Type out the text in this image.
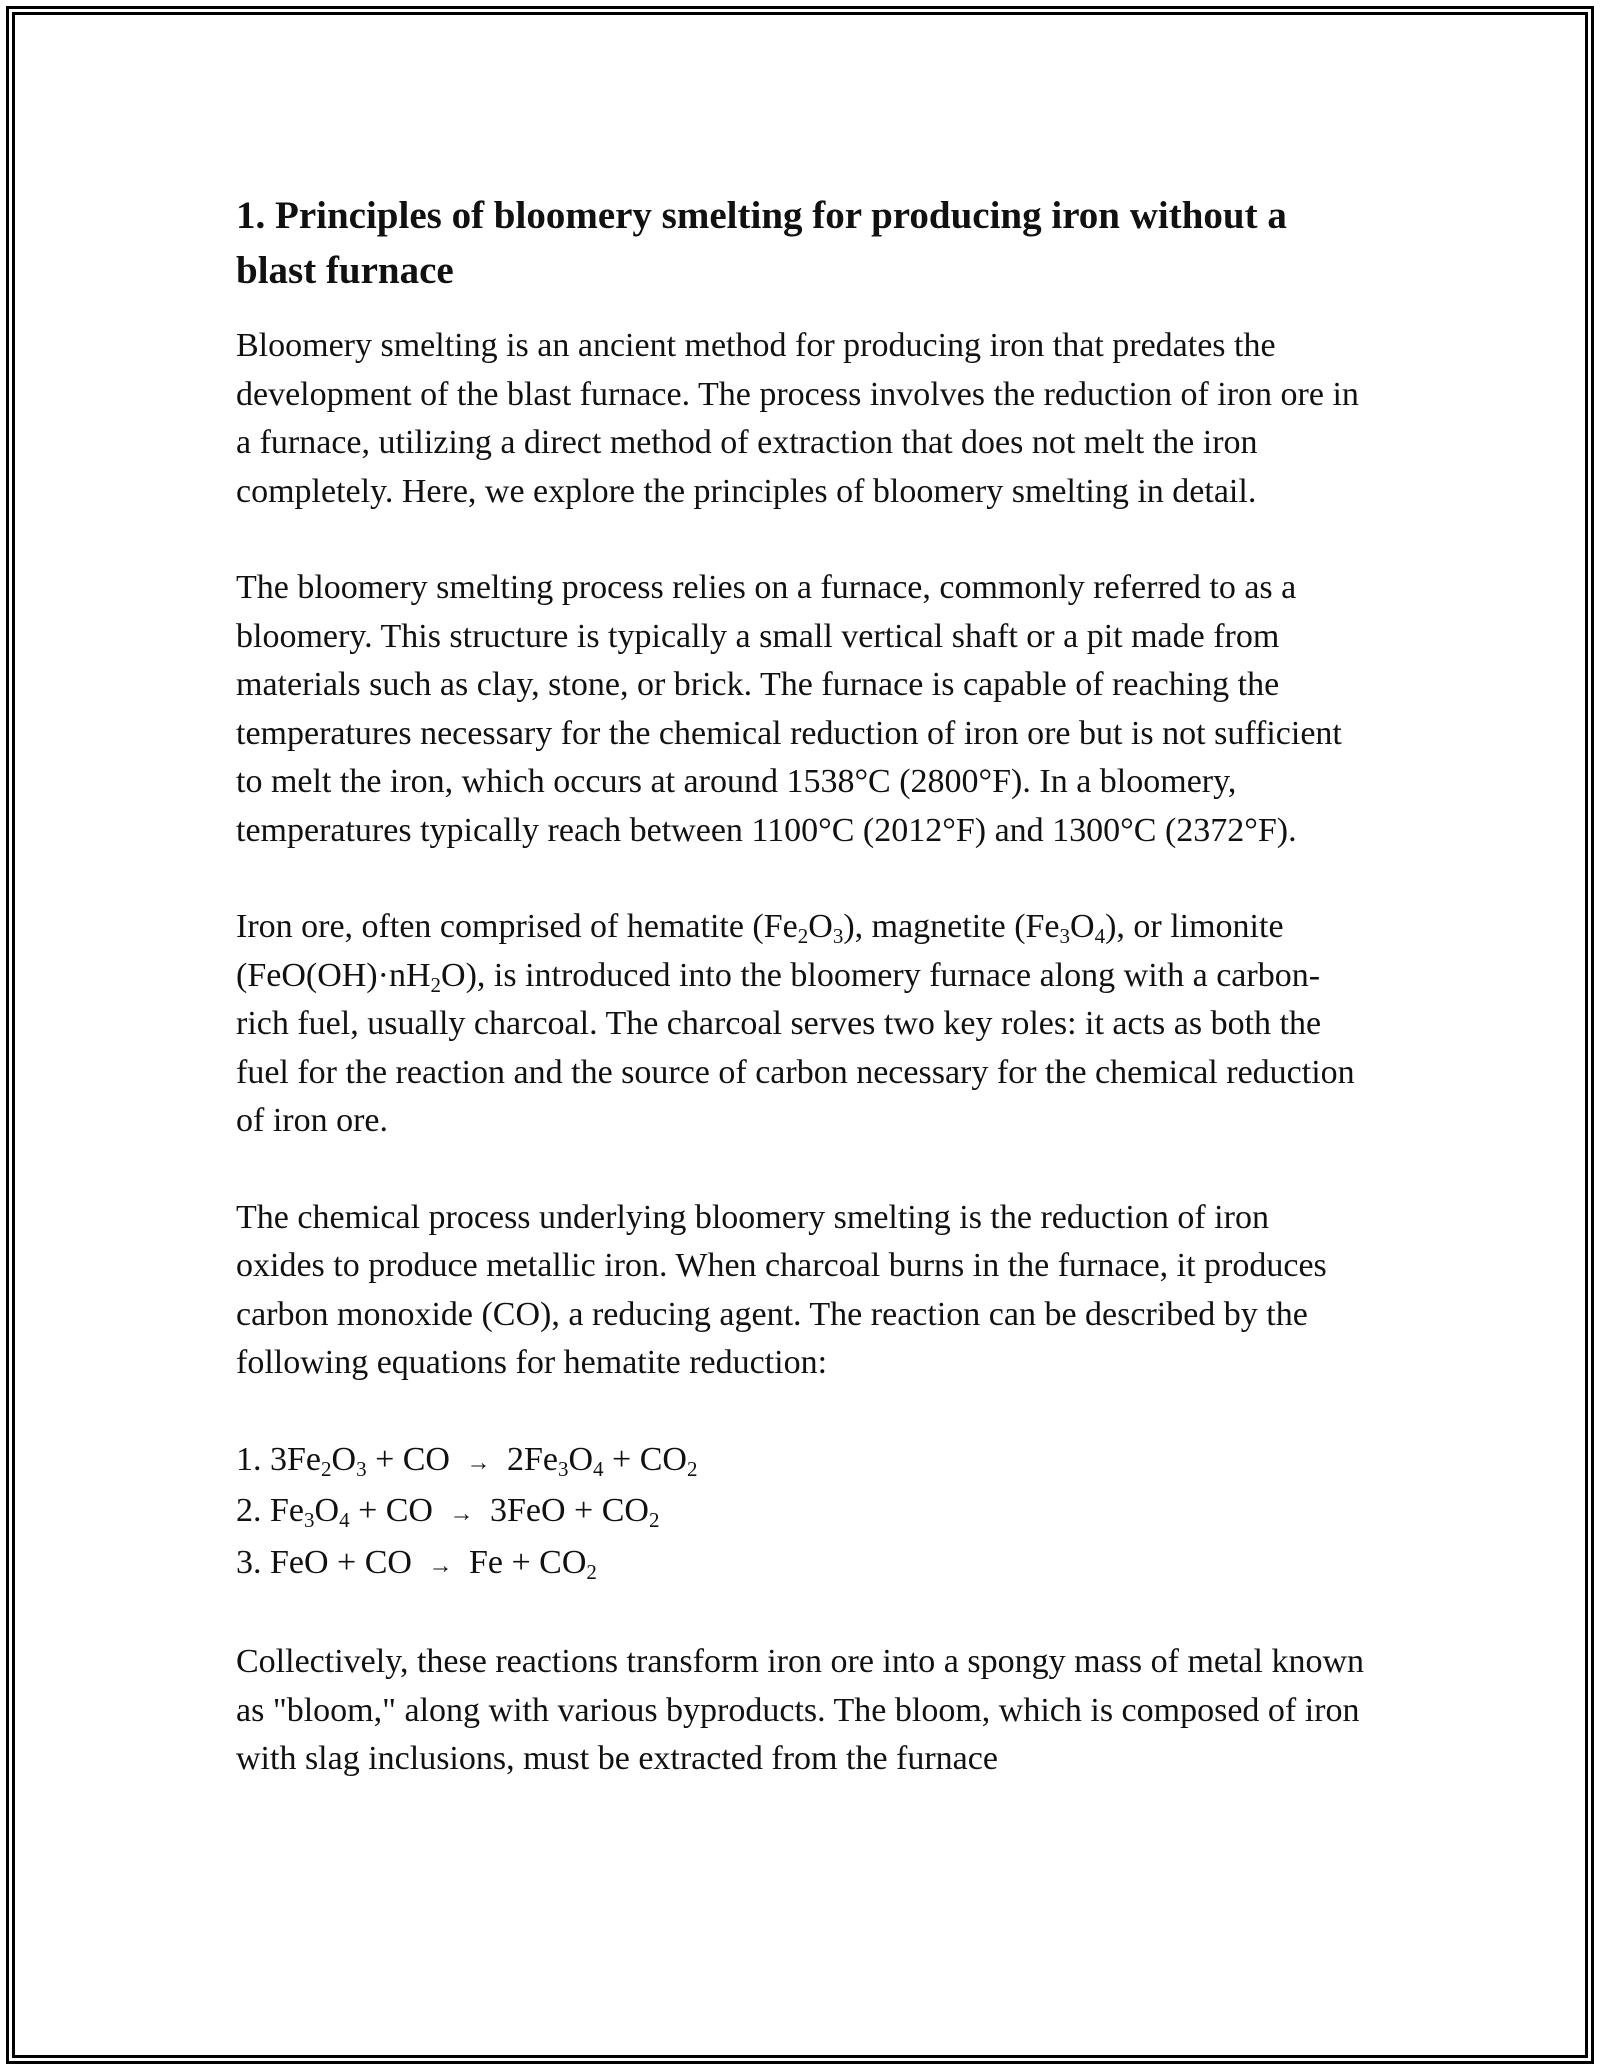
1. Principles of bloomery smelting for producing iron without a blast furnace

Bloomery smelting is an ancient method for producing iron that predates the development of the blast furnace. The process involves the reduction of iron ore in a furnace, utilizing a direct method of extraction that does not melt the iron completely. Here, we explore the principles of bloomery smelting in detail.

The bloomery smelting process relies on a furnace, commonly referred to as a bloomery. This structure is typically a small vertical shaft or a pit made from materials such as clay, stone, or brick. The furnace is capable of reaching the temperatures necessary for the chemical reduction of iron ore but is not sufficient to melt the iron, which occurs at around 1538°C (2800°F). In a bloomery, temperatures typically reach between 1100°C (2012°F) and 1300°C (2372°F).

Iron ore, often comprised of hematite $(Fe_2O_3)$, magnetite $(Fe_3O_4)$, or limonite $(FeO(OH)\cdot nH_2O)$, is introduced into the bloomery furnace along with a carbon-rich fuel, usually charcoal. The charcoal serves two key roles: it acts as both the fuel for the reaction and the source of carbon necessary for the chemical reduction of iron ore.

The chemical process underlying bloomery smelting is the reduction of iron oxides to produce metallic iron. When charcoal burns in the furnace, it produces carbon monoxide (CO), a reducing agent. The reaction can be described by the following equations for hematite reduction:

1. $3Fe_2O_3$ + CO → $2Fe_3O_4 + CO_2$
2. $Fe_3O_4$ + CO → $3FeO + CO_2$
3. FeO + CO → $Fe + CO_2$

Collectively, these reactions transform iron ore into a spongy mass of metal known as "bloom," along with various byproducts. The bloom, which is composed of iron with slag inclusions, must be extracted from the furnace
